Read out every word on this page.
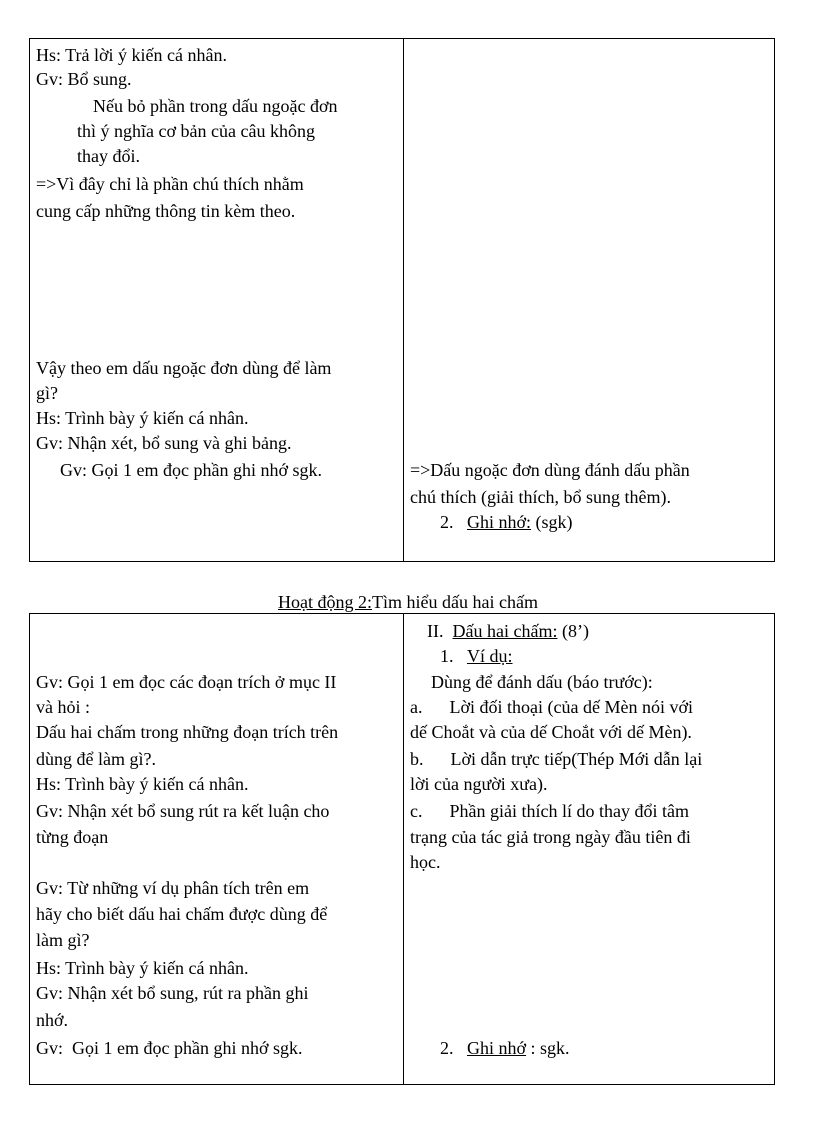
Hs: Trả lời ý kiến cá nhân.
Gv: Bổ sung.
Nếu bỏ phần trong dấu ngoặc đơn
thì ý nghĩa cơ bản của câu không
thay đổi.
=>Vì đây chỉ là phần chú thích nhằm
cung cấp những thông tin kèm theo.
Vậy theo em dấu ngoặc đơn dùng để làm
gì?
Hs: Trình bày ý kiến cá nhân.
Gv: Nhận xét, bổ sung và ghi bảng.
Gv: Gọi 1 em đọc phần ghi nhớ sgk.	=>Dấu ngoặc đơn dùng đánh dấu phần
chú thích (giải thích, bổ sung thêm).
2. Ghi nhớ: (sgk)
Hoạt động 2:Tìm hiểu dấu hai chấm
II. Dấu hai chấm: (8’)
1. Ví dụ:
Dùng để đánh dấu (báo trước):
a.      Lời đối thoại (của dế Mèn nói với
dế Choắt và của dế Choắt với dế Mèn).
b.      Lời dẫn trực tiếp(Thép Mới dẫn lại
lời của người xưa).
c.      Phần giải thích lí do thay đổi tâm
trạng của tác giả trong ngày đầu tiên đi
học.
2. Ghi nhớ : sgk.
Gv: Gọi 1 em đọc các đoạn trích ở mục II
và hỏi :
Dấu hai chấm trong những đoạn trích trên
dùng để làm gì?.
Hs: Trình bày ý kiến cá nhân.
Gv: Nhận xét bổ sung rút ra kết luận cho
từng đoạn
Gv: Từ những ví dụ phân tích trên em
hãy cho biết dấu hai chấm được dùng để
làm gì?
Hs: Trình bày ý kiến cá nhân.
Gv: Nhận xét bổ sung, rút ra phần ghi
nhớ.
Gv:  Gọi 1 em đọc phần ghi nhớ sgk.
